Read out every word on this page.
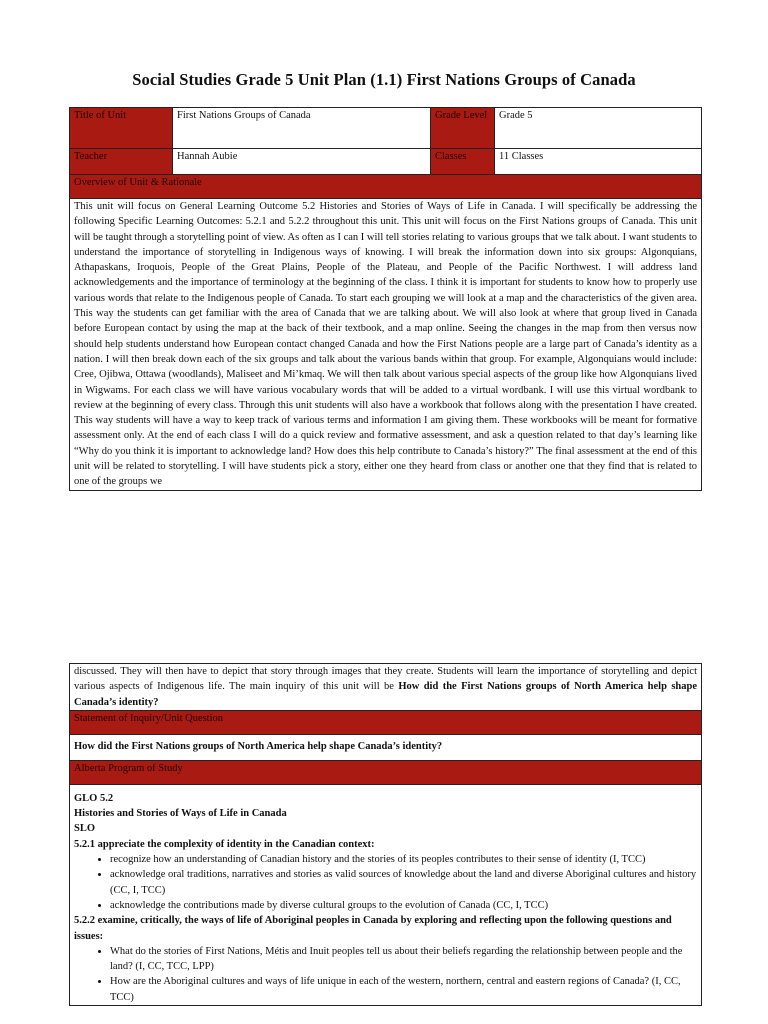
Social Studies Grade 5 Unit Plan (1.1) First Nations Groups of Canada
Title of Unit	First Nations Groups of Canada	Grade Level	Grade 5
Teacher	Hannah Aubie	Classes	11 Classes
Overview of Unit & Rationale			
This unit will focus on General Learning Outcome 5.2 Histories and Stories of Ways of Life in Canada. I will specifically be addressing the following Specific Learning Outcomes: 5.2.1 and 5.2.2 throughout this unit. This unit will focus on the First Nations groups of Canada. This unit will be taught through a storytelling point of view. As often as I can I will tell stories relating to various groups that we talk about. I want students to understand the importance of storytelling in Indigenous ways of knowing. I will break the information down into six groups: Algonquians, Athapaskans, Iroquois, People of the Great Plains, People of the Plateau, and People of the Pacific Northwest. I will address land acknowledgements and the importance of terminology at the beginning of the class. I think it is important for students to know how to properly use various words that relate to the Indigenous people of Canada. To start each grouping we will look at a map and the characteristics of the given area. This way the students can get familiar with the area of Canada that we are talking about. We will also look at where that group lived in Canada before European contact by using the map at the back of their textbook, and a map online. Seeing the changes in the map from then versus now should help students understand how European contact changed Canada and how the First Nations people are a large part of Canada’s identity as a nation. I will then break down each of the six groups and talk about the various bands within that group. For example, Algonquians would include: Cree, Ojibwa, Ottawa (woodlands), Maliseet and Mi’kmaq. We will then talk about various special aspects of the group like how Algonquians lived in Wigwams. For each class we will have various vocabulary words that will be added to a virtual wordbank. I will use this virtual wordbank to review at the beginning of every class. Through this unit students will also have a workbook that follows along with the presentation I have created. This way students will have a way to keep track of various terms and information I am giving them. These workbooks will be meant for formative assessment only. At the end of each class I will do a quick review and formative assessment, and ask a question related to that day’s learning like “Why do you think it is important to acknowledge land? How does this help contribute to Canada’s history?” The final assessment at the end of this unit will be related to storytelling. I will have students pick a story, either one they heard from class or another one that they find that is related to one of the groups we			
discussed. They will then have to depict that story through images that they create. Students will learn the importance of storytelling and depict various aspects of Indigenous life. The main inquiry of this unit will be How did the First Nations groups of North America help shape Canada’s identity?
Statement of Inquiry/Unit Question
How did the First Nations groups of North America help shape Canada’s identity?
Alberta Program of Study

GLO 5.2
Histories and Stories of Ways of Life in Canada
SLO
5.2.1 appreciate the complexity of identity in the Canadian context:
• recognize how an understanding of Canadian history and the stories of its peoples contributes to their sense of identity (I, TCC)
• acknowledge oral traditions, narratives and stories as valid sources of knowledge about the land and diverse Aboriginal cultures and history (CC, I, TCC)
• acknowledge the contributions made by diverse cultural groups to the evolution of Canada (CC, I, TCC)
5.2.2 examine, critically, the ways of life of Aboriginal peoples in Canada by exploring and reflecting upon the following questions and issues:
• What do the stories of First Nations, Métis and Inuit peoples tell us about their beliefs regarding the relationship between people and the land? (I, CC, TCC, LPP)
• How are the Aboriginal cultures and ways of life unique in each of the western, northern, central and eastern regions of Canada? (I, CC, TCC)
